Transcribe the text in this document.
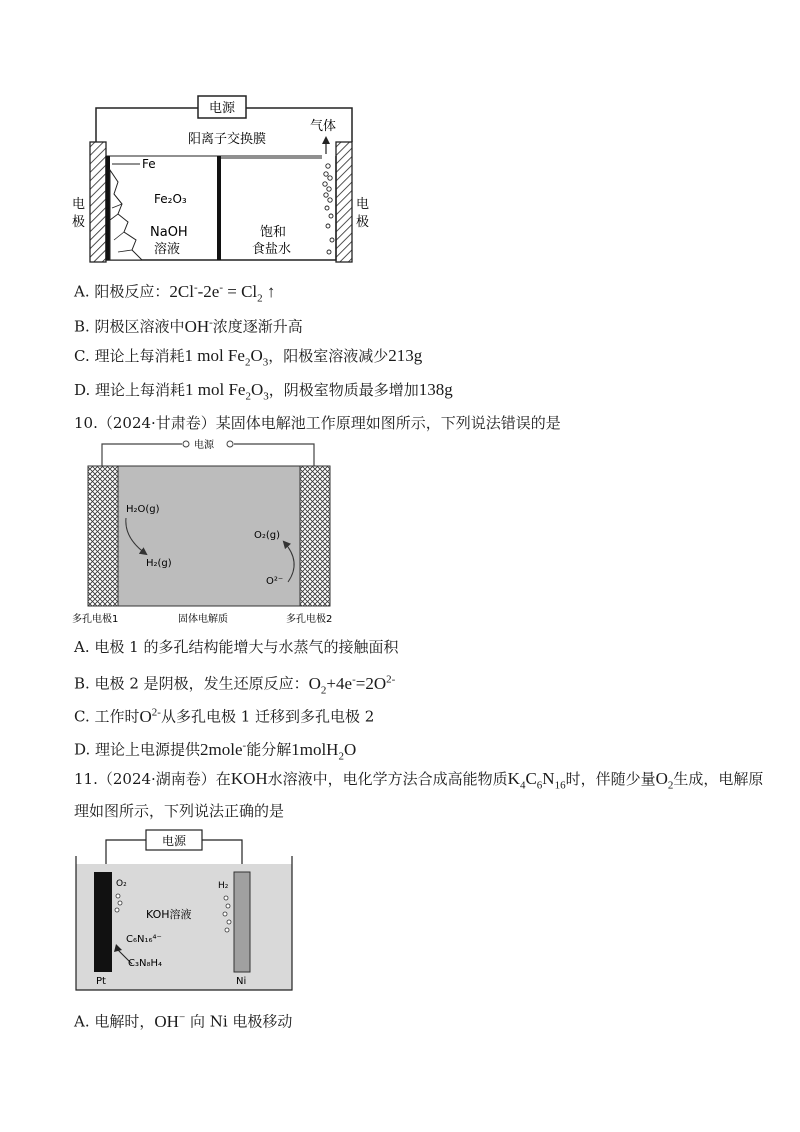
电源
阳离子交换膜
气体
Fe
Fe₂O₃
NaOH
溶液
饱和
食盐水
电
极
电
极
A. 阳极反应：$2Cl^--2e^- = Cl_2$ ↑
B. 阴极区溶液中OH-浓度逐渐升高
C. 理论上每消耗1 mol $Fe_2O_3$，阳极室溶液减少213g
D. 理论上每消耗1 mol $Fe_2O_3$，阴极室物质最多增加138g
10.（2024·甘肃卷）某固体电解池工作原理如图所示，下列说法错误的是
电源
H₂O(g)
H₂(g)
O₂(g)
O²⁻
多孔电极1	固体电解质	多孔电极2
A. 电极 1 的多孔结构能增大与水蒸气的接触面积
B. 电极 2 是阴极，发生还原反应：$O_2+4e^-=2O^{2-}$
C. 工作时$O^{2-}$从多孔电极 1 迁移到多孔电极 2
D. 理论上电源提供2mole-能分解1molH$_2$O
11.（2024·湖南卷）在KOH水溶液中，电化学方法合成高能物质$K_4C_6N_{16}$时，伴随少量$O_2$生成，电解原
理如图所示，下列说法正确的是
电源
O₂	H₂
KOH溶液
C₆N₁₆⁴⁻
C₃N₈H₄
Pt	Ni
A. 电解时，OH− 向 Ni 电极移动
